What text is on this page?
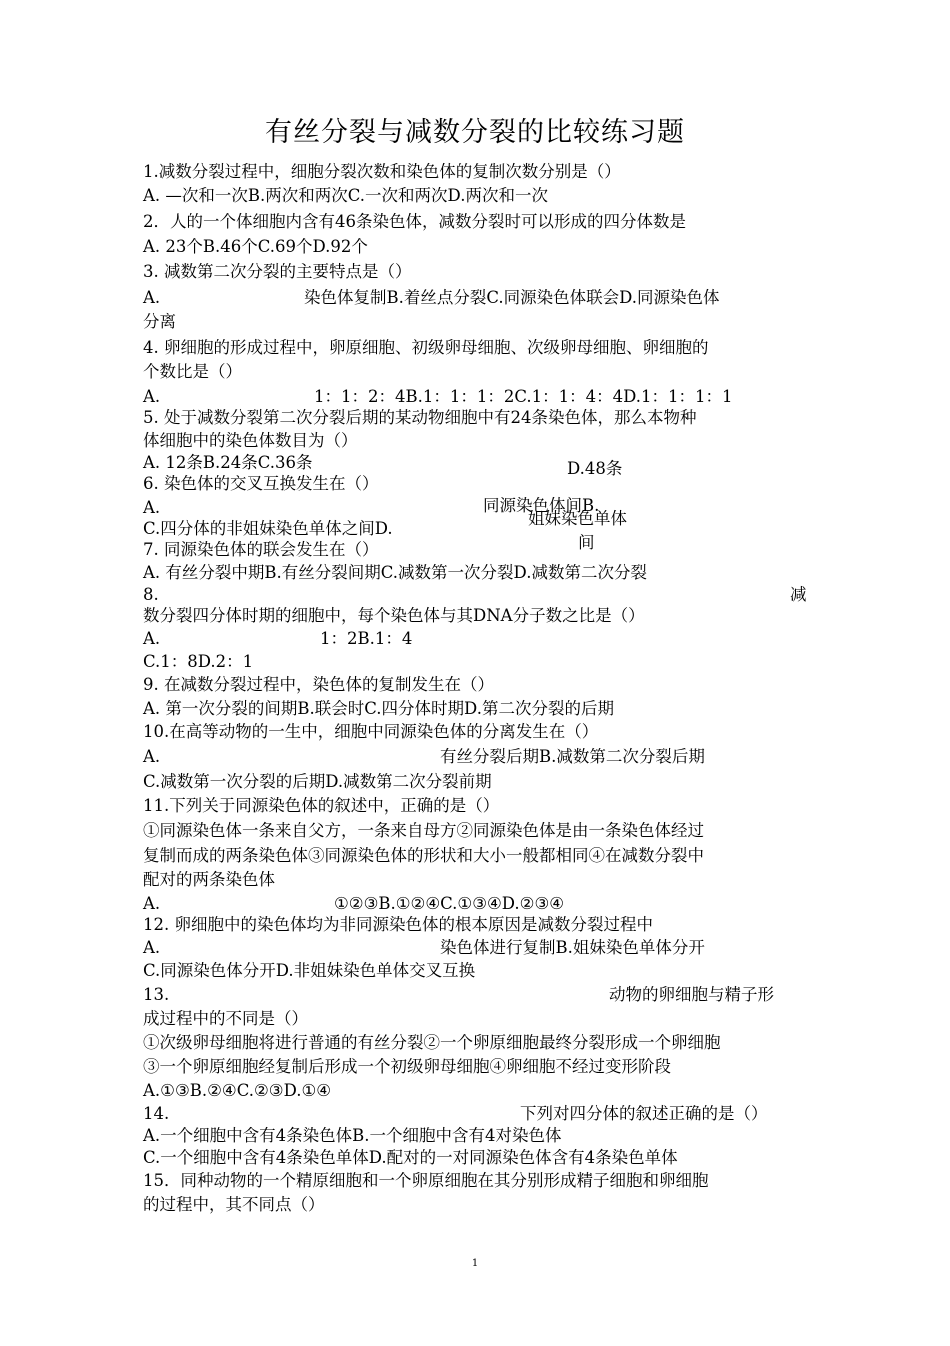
有丝分裂与减数分裂的比较练习题
1.减数分裂过程中，细胞分裂次数和染色体的复制次数分别是（）
A. —次和一次B.两次和两次C.一次和两次D.两次和一次
2．人的一个体细胞内含有46条染色体，减数分裂时可以形成的四分体数是
A. 23个B.46个C.69个D.92个
3. 减数第二次分裂的主要特点是（）
A.	染色体复制B.着丝点分裂C.同源染色体联会D.同源染色体
分离
4. 卵细胞的形成过程中，卵原细胞、初级卵母细胞、次级卵母细胞、卵细胞的
个数比是（）
A.	1：1：2：4B.1：1：1：2C.1：1：4：4D.1：1：1：1
5. 处于减数分裂第二次分裂后期的某动物细胞中有24条染色体，那么本物种
体细胞中的染色体数目为（）
A. 12条B.24条C.36条	D.48条
6. 染色体的交叉互换发生在（）
A.	同源染色体间B.
姐妹染色单体
C.四分体的非姐妹染色单体之间D.
间
7. 同源染色体的联会发生在（）
A. 有丝分裂中期B.有丝分裂间期C.减数第一次分裂D.减数第二次分裂
8.	减
数分裂四分体时期的细胞中，每个染色体与其DNA分子数之比是（）
A.	1：2B.1：4
C.1：8D.2：1
9. 在减数分裂过程中，染色体的复制发生在（）
A. 第一次分裂的间期B.联会时C.四分体时期D.第二次分裂的后期
10.在高等动物的一生中，细胞中同源染色体的分离发生在（）
A.	有丝分裂后期B.减数第二次分裂后期
C.减数第一次分裂的后期D.减数第二次分裂前期
11.下列关于同源染色体的叙述中，正确的是（）
①同源染色体一条来自父方，一条来自母方②同源染色体是由一条染色体经过
复制而成的两条染色体③同源染色体的形状和大小一般都相同④在减数分裂中
配对的两条染色体
A.	①②③B.①②④C.①③④D.②③④
12. 卵细胞中的染色体均为非同源染色体的根本原因是减数分裂过程中
A.	染色体进行复制B.姐妹染色单体分开
C.同源染色体分开D.非姐妹染色单体交叉互换
13.	动物的卵细胞与精子形
成过程中的不同是（）
①次级卵母细胞将进行普通的有丝分裂②一个卵原细胞最终分裂形成一个卵细胞
③一个卵原细胞经复制后形成一个初级卵母细胞④卵细胞不经过变形阶段
A.①③B.②④C.②③D.①④
14.	下列对四分体的叙述正确的是（）
A.一个细胞中含有4条染色体B.一个细胞中含有4对染色体
C.一个细胞中含有4条染色单体D.配对的一对同源染色体含有4条染色单体
15．同种动物的一个精原细胞和一个卵原细胞在其分别形成精子细胞和卵细胞
的过程中，其不同点（）
1
